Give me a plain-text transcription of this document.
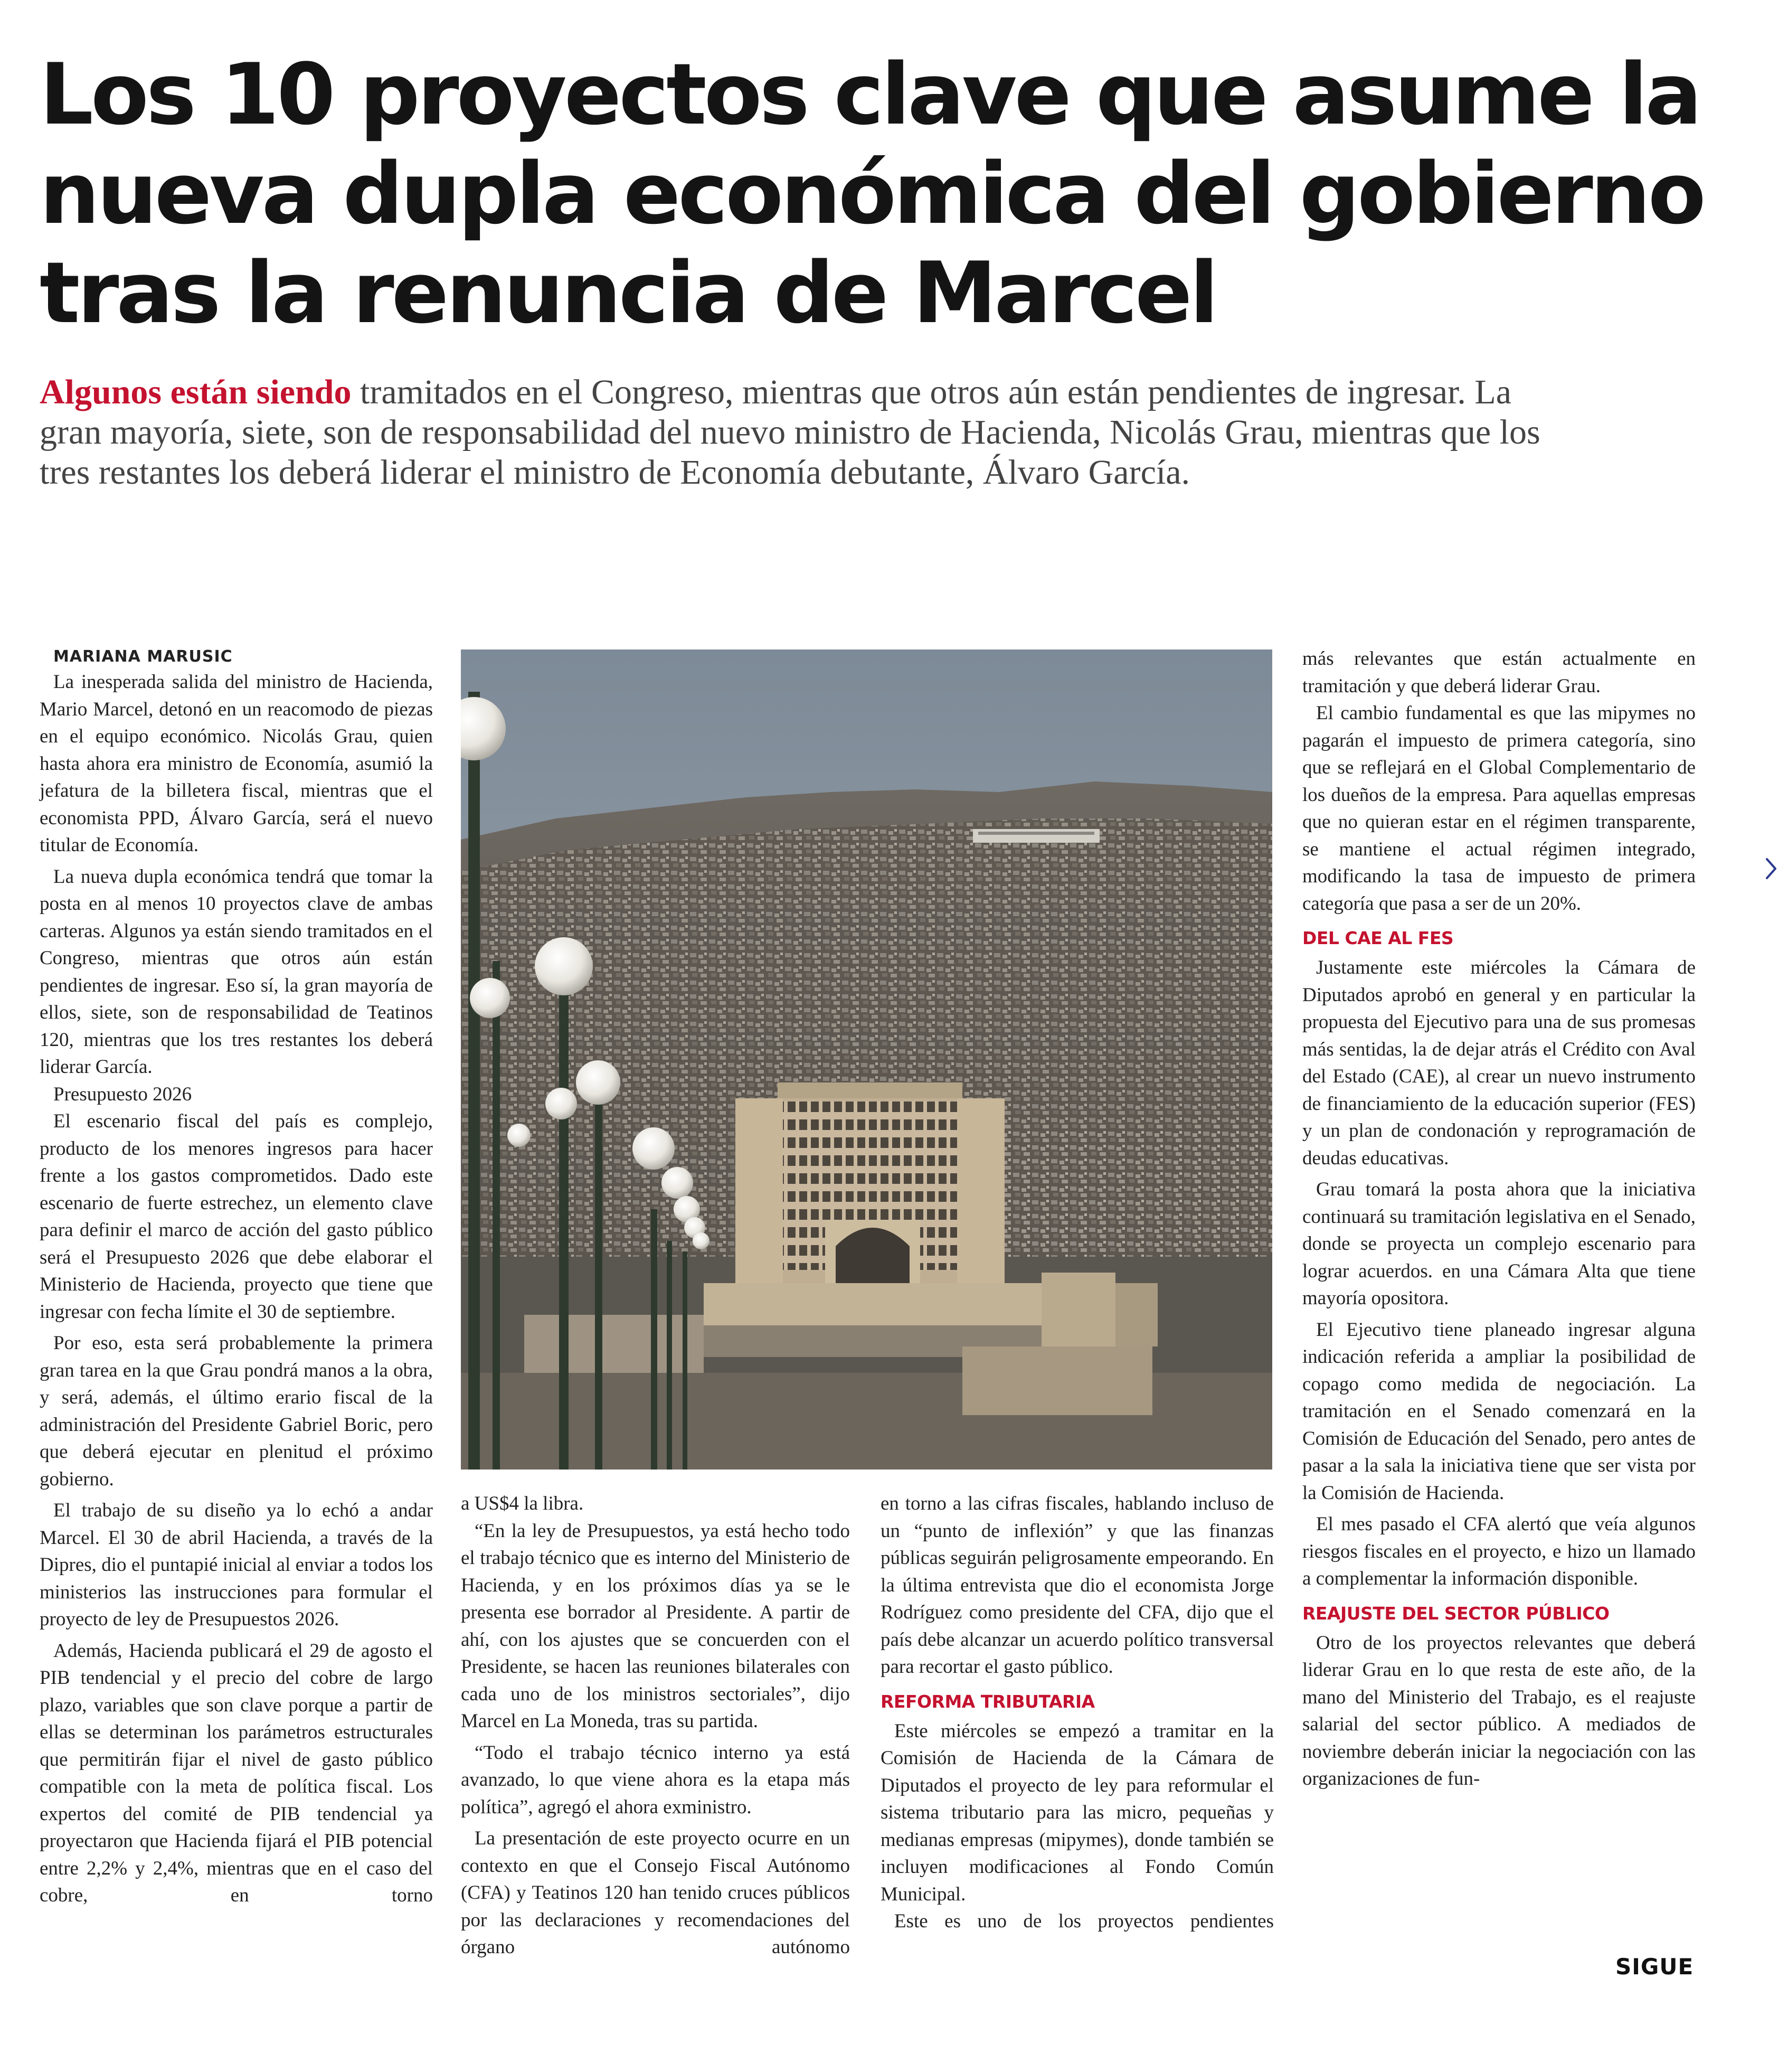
Los 10 proyectos clave que asume la
nueva dupla económica del gobierno
tras la renuncia de Marcel
Algunos están siendo tramitados en el Congreso, mientras que otros aún están pendientes de ingresar. La
gran mayoría, siete, son de responsabilidad del nuevo ministro de Hacienda, Nicolás Grau, mientras que los
tres restantes los deberá liderar el ministro de Economía debutante, Álvaro García.

MARIANA MARUSIC

La inesperada salida del ministro de Hacienda, Mario Marcel, detonó en un reacomodo de piezas en el equipo económico. Nicolás Grau, quien hasta ahora era ministro de Economía, asumió la jefatura de la billetera fiscal, mientras que el economista PPD, Álvaro García, será el nuevo titular de Economía.

La nueva dupla económica tendrá que tomar la posta en al menos 10 proyectos clave de ambas carteras. Algunos ya están siendo tramitados en el Congreso, mientras que otros aún están pendientes de ingresar. Eso sí, la gran mayoría de ellos, siete, son de responsabilidad de Teatinos 120, mientras que los tres restantes los deberá liderar García.

Presupuesto 2026

El escenario fiscal del país es complejo, producto de los menores ingresos para hacer frente a los gastos comprometidos. Dado este escenario de fuerte estrechez, un elemento clave para definir el marco de acción del gasto público será el Presupuesto 2026 que debe elaborar el Ministerio de Hacienda, proyecto que tiene que ingresar con fecha límite el 30 de septiembre.

Por eso, esta será probablemente la primera gran tarea en la que Grau pondrá manos a la obra, y será, además, el último erario fiscal de la administración del Presidente Gabriel Boric, pero que deberá ejecutar en plenitud el próximo gobierno.

El trabajo de su diseño ya lo echó a andar Marcel. El 30 de abril Hacienda, a través de la Dipres, dio el puntapié inicial al enviar a todos los ministerios las instrucciones para formular el proyecto de ley de Presupuestos 2026.

Además, Hacienda publicará el 29 de agosto el PIB tendencial y el precio del cobre de largo plazo, variables que son clave porque a partir de ellas se determinan los parámetros estructurales que permitirán fijar el nivel de gasto público compatible con la meta de política fiscal. Los expertos del comité de PIB tendencial ya proyectaron que Hacienda fijará el PIB potencial entre 2,2% y 2,4%, mientras que en el caso del cobre, en torno

a US$4 la libra.

“En la ley de Presupuestos, ya está hecho todo el trabajo técnico que es interno del Ministerio de Hacienda, y en los próximos días ya se le presenta ese borrador al Presidente. A partir de ahí, con los ajustes que se concuerden con el Presidente, se hacen las reuniones bilaterales con cada uno de los ministros sectoriales”, dijo Marcel en La Moneda, tras su partida.

“Todo el trabajo técnico interno ya está avanzado, lo que viene ahora es la etapa más política”, agregó el ahora exministro.

La presentación de este proyecto ocurre en un contexto en que el Consejo Fiscal Autónomo (CFA) y Teatinos 120 han tenido cruces públicos por las declaraciones y recomendaciones del órgano autónomo

en torno a las cifras fiscales, hablando incluso de un “punto de inflexión” y que las finanzas públicas seguirán peligrosamente empeorando. En la última entrevista que dio el economista Jorge Rodríguez como presidente del CFA, dijo que el país debe alcanzar un acuerdo político transversal para recortar el gasto público.

REFORMA TRIBUTARIA

Este miércoles se empezó a tramitar en la Comisión de Hacienda de la Cámara de Diputados el proyecto de ley para reformular el sistema tributario para las micro, pequeñas y medianas empresas (mipymes), donde también se incluyen modificaciones al Fondo Común Municipal.

Este es uno de los proyectos pendientes

más relevantes que están actualmente en tramitación y que deberá liderar Grau.

El cambio fundamental es que las mipymes no pagarán el impuesto de primera categoría, sino que se reflejará en el Global Complementario de los dueños de la empresa. Para aquellas empresas que no quieran estar en el régimen transparente, se mantiene el actual régimen integrado, modificando la tasa de impuesto de primera categoría que pasa a ser de un 20%.

DEL CAE AL FES

Justamente este miércoles la Cámara de Diputados aprobó en general y en particular la propuesta del Ejecutivo para una de sus promesas más sentidas, la de dejar atrás el Crédito con Aval del Estado (CAE), al crear un nuevo instrumento de financiamiento de la educación superior (FES) y un plan de condonación y reprogramación de deudas educativas.

Grau tomará la posta ahora que la iniciativa continuará su tramitación legislativa en el Senado, donde se proyecta un complejo escenario para lograr acuerdos. en una Cámara Alta que tiene mayoría opositora.

El Ejecutivo tiene planeado ingresar alguna indicación referida a ampliar la posibilidad de copago como medida de negociación. La tramitación en el Senado comenzará en la Comisión de Educación del Senado, pero antes de pasar a la sala la iniciativa tiene que ser vista por la Comisión de Hacienda.

El mes pasado el CFA alertó que veía algunos riesgos fiscales en el proyecto, e hizo un llamado a complementar la información disponible.

REAJUSTE DEL SECTOR PÚBLICO

Otro de los proyectos relevantes que deberá liderar Grau en lo que resta de este año, de la mano del Ministerio del Trabajo, es el reajuste salarial del sector público. A mediados de noviembre deberán iniciar la negociación con las organizaciones de fun-

SIGUE
